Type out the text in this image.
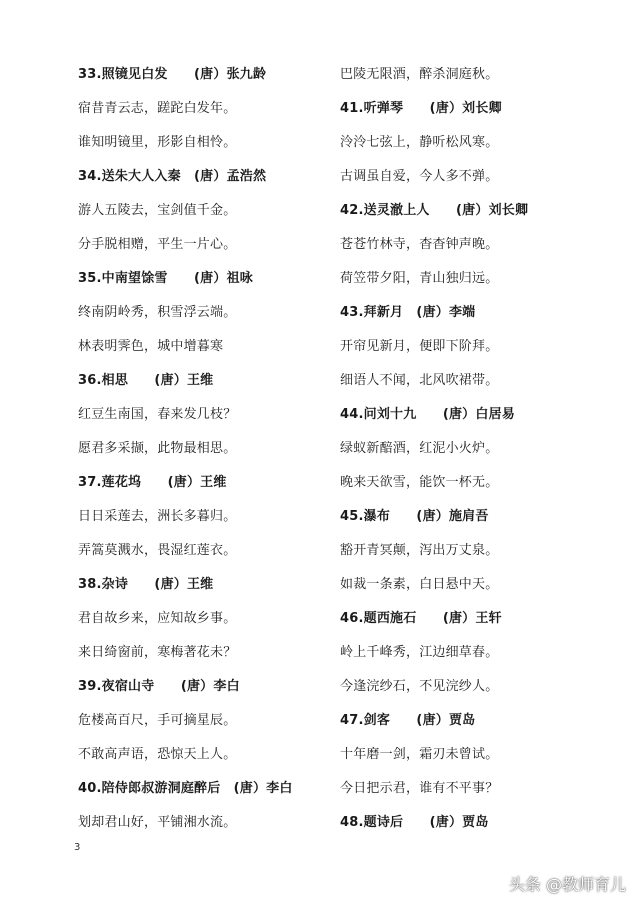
33.照镜见白发　　(唐）张九龄
宿昔青云志，蹉跎白发年。
谁知明镜里，形影自相怜。
34.送朱大人入秦　(唐）孟浩然
游人五陵去，宝剑值千金。
分手脱相赠，平生一片心。
35.中南望馀雪　　(唐）祖咏
终南阴岭秀，积雪浮云端。
林表明霁色，城中增暮寒
36.相思　　(唐）王维
红豆生南国，春来发几枝？
愿君多采撷，此物最相思。
37.莲花坞　　(唐）王维
日日采莲去，洲长多暮归。
弄篙莫溅水，畏湿红莲衣。
38.杂诗　　(唐）王维
君自故乡来，应知故乡事。
来日绮窗前，寒梅著花未？
39.夜宿山寺　　(唐）李白
危楼高百尺，手可摘星辰。
不敢高声语，恐惊天上人。
40.陪侍郎叔游洞庭醉后　(唐）李白
划却君山好，平铺湘水流。
巴陵无限酒，醉杀洞庭秋。
41.听弹琴　　(唐）刘长卿
泠泠七弦上，静听松风寒。
古调虽自爱，今人多不弹。
42.送灵澈上人　　(唐）刘长卿
苍苍竹林寺，杳杳钟声晚。
荷笠带夕阳，青山独归远。
43.拜新月　(唐）李端
开帘见新月，便即下阶拜。
细语人不闻，北风吹裙带。
44.问刘十九　　(唐）白居易
绿蚁新醅酒，红泥小火炉。
晚来天欲雪，能饮一杯无。
45.瀑布　　(唐）施肩吾
豁开青冥颠，泻出万丈泉。
如裁一条素，白日悬中天。
46.题西施石　　(唐）王轩
岭上千峰秀，江边细草春。
今逢浣纱石，不见浣纱人。
47.剑客　　(唐）贾岛
十年磨一剑，霜刃未曾试。
今日把示君，谁有不平事？
48.题诗后　　(唐）贾岛
3
头条 @教师育儿
